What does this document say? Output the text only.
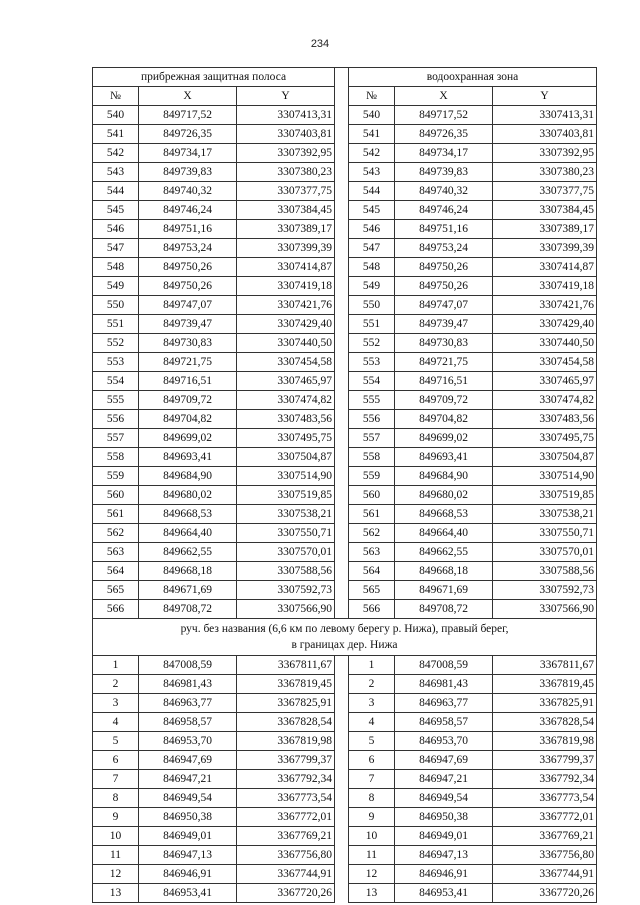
234
прибрежная защитная полоса				водоохранная зона		
№	X	Y		№	X	Y
540	849717,52	3307413,31		540	849717,52	3307413,31
541	849726,35	3307403,81		541	849726,35	3307403,81
542	849734,17	3307392,95		542	849734,17	3307392,95
543	849739,83	3307380,23		543	849739,83	3307380,23
544	849740,32	3307377,75		544	849740,32	3307377,75
545	849746,24	3307384,45		545	849746,24	3307384,45
546	849751,16	3307389,17		546	849751,16	3307389,17
547	849753,24	3307399,39		547	849753,24	3307399,39
548	849750,26	3307414,87		548	849750,26	3307414,87
549	849750,26	3307419,18		549	849750,26	3307419,18
550	849747,07	3307421,76		550	849747,07	3307421,76
551	849739,47	3307429,40		551	849739,47	3307429,40
552	849730,83	3307440,50		552	849730,83	3307440,50
553	849721,75	3307454,58		553	849721,75	3307454,58
554	849716,51	3307465,97		554	849716,51	3307465,97
555	849709,72	3307474,82		555	849709,72	3307474,82
556	849704,82	3307483,56		556	849704,82	3307483,56
557	849699,02	3307495,75		557	849699,02	3307495,75
558	849693,41	3307504,87		558	849693,41	3307504,87
559	849684,90	3307514,90		559	849684,90	3307514,90
560	849680,02	3307519,85		560	849680,02	3307519,85
561	849668,53	3307538,21		561	849668,53	3307538,21
562	849664,40	3307550,71		562	849664,40	3307550,71
563	849662,55	3307570,01		563	849662,55	3307570,01
564	849668,18	3307588,56		564	849668,18	3307588,56
565	849671,69	3307592,73		565	849671,69	3307592,73
566	849708,72	3307566,90		566	849708,72	3307566,90

руч. без названия (6,6 км по левому берегу р. Нижа), правый берег,
в границах дер. Нижа						

1	847008,59	3367811,67		1	847008,59	3367811,67
2	846981,43	3367819,45		2	846981,43	3367819,45
3	846963,77	3367825,91		3	846963,77	3367825,91
4	846958,57	3367828,54		4	846958,57	3367828,54
5	846953,70	3367819,98		5	846953,70	3367819,98
6	846947,69	3367799,37		6	846947,69	3367799,37
7	846947,21	3367792,34		7	846947,21	3367792,34
8	846949,54	3367773,54		8	846949,54	3367773,54
9	846950,38	3367772,01		9	846950,38	3367772,01
10	846949,01	3367769,21		10	846949,01	3367769,21
11	846947,13	3367756,80		11	846947,13	3367756,80
12	846946,91	3367744,91		12	846946,91	3367744,91
13	846953,41	3367720,26		13	846953,41	3367720,26
